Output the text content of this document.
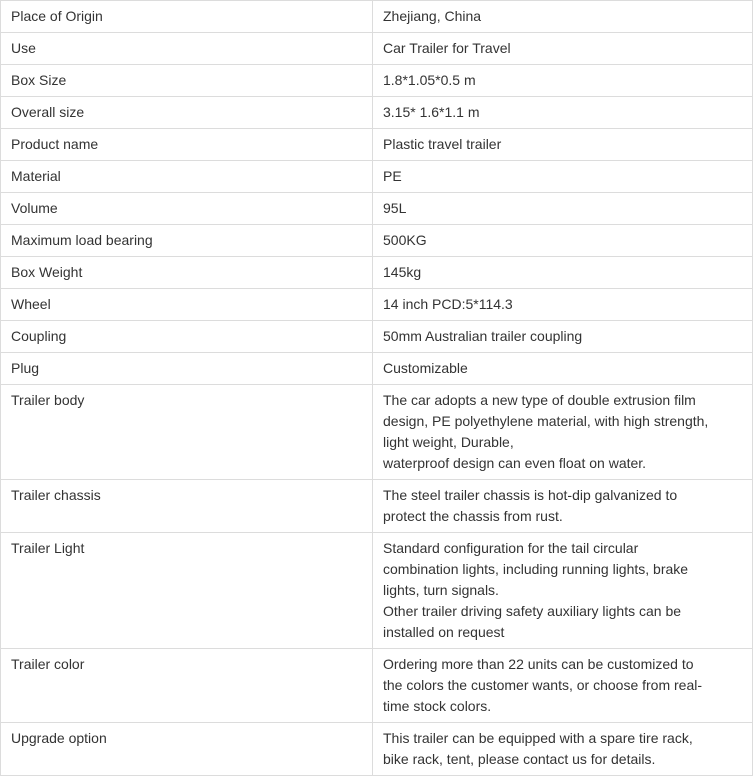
Place of Origin	Zhejiang, China

Use	Car Trailer for Travel

Box Size	1.8*1.05*0.5 m

Overall size	3.15* 1.6*1.1 m

Product name	Plastic travel trailer

Material	PE

Volume	95L

Maximum load bearing	500KG

Box Weight	145kg

Wheel	14 inch PCD:5*114.3

Coupling	50mm Australian trailer coupling

Plug	Customizable

Trailer body	The car adopts a new type of double extrusion film
design, PE polyethylene material, with high strength,
light weight, Durable,
waterproof design can even float on water.

Trailer chassis	The steel trailer chassis is hot-dip galvanized to
protect the chassis from rust.

Trailer Light	Standard configuration for the tail circular
combination lights, including running lights, brake
lights, turn signals.
Other trailer driving safety auxiliary lights can be
installed on request

Trailer color	Ordering more than 22 units can be customized to
the colors the customer wants, or choose from real-
time stock colors.

Upgrade option	This trailer can be equipped with a spare tire rack,
bike rack, tent, please contact us for details.
